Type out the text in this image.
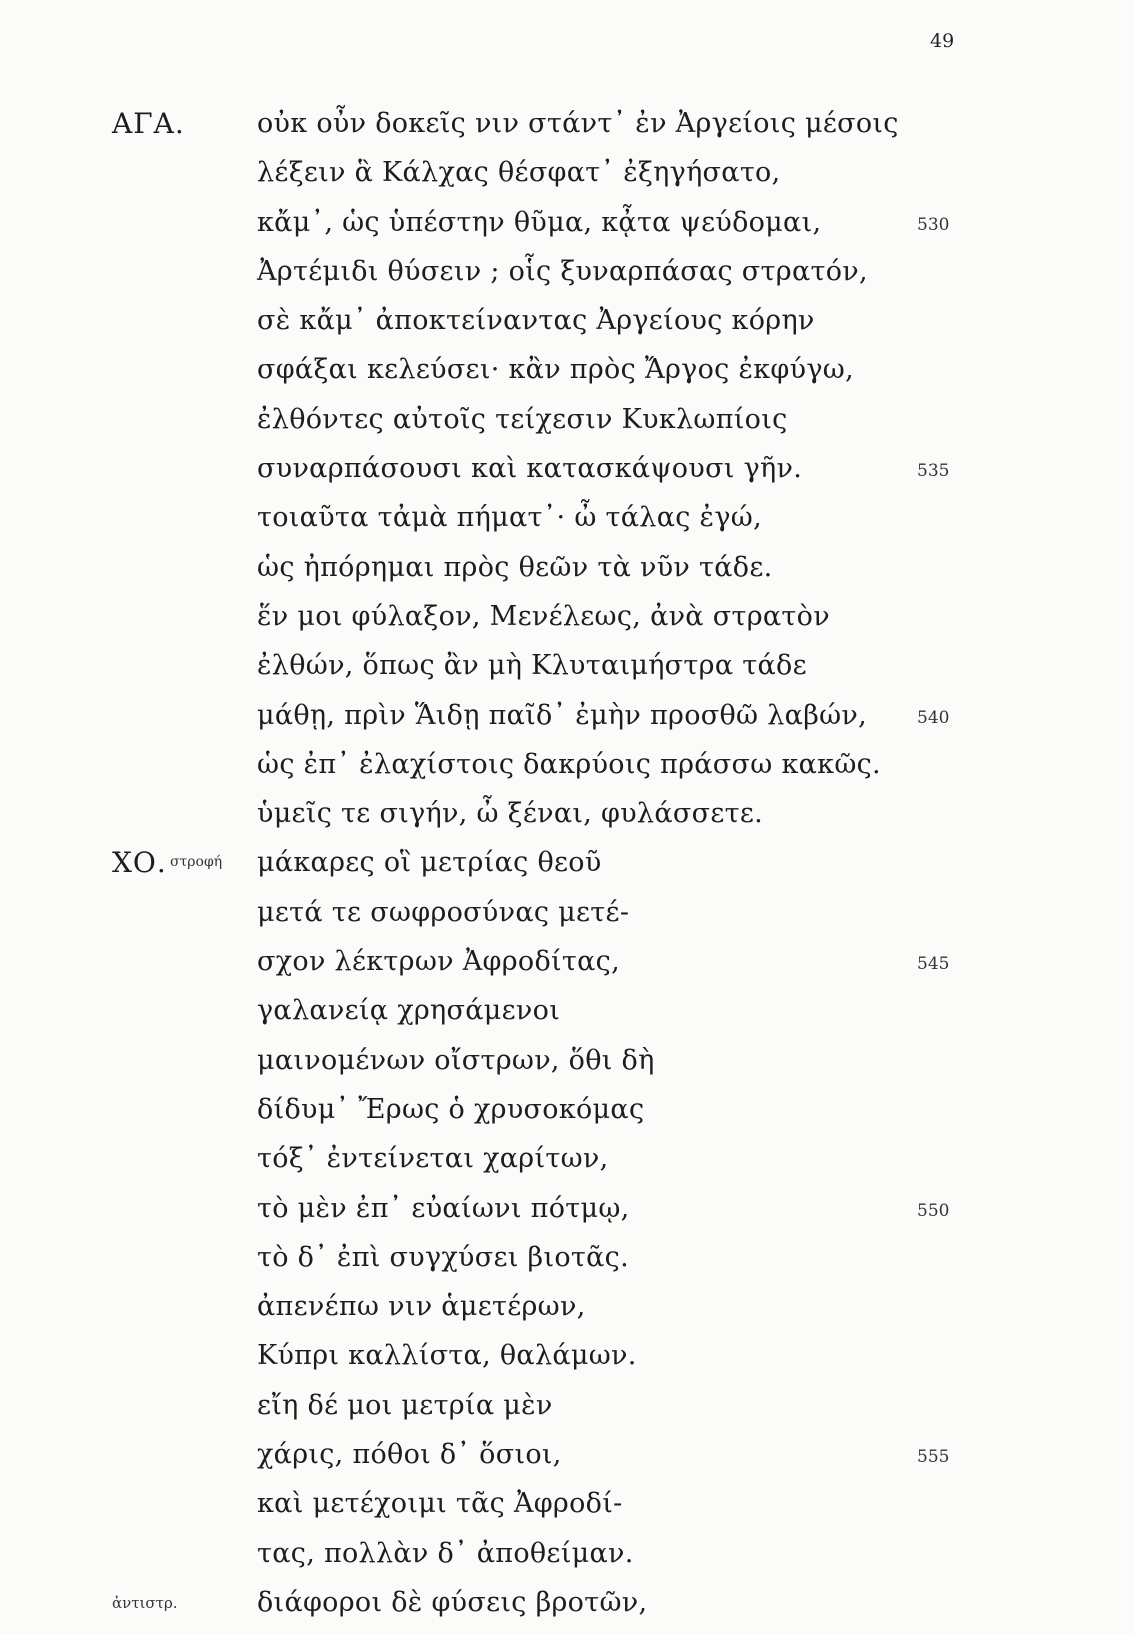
49
ΑΓΑ.	οὐκ οὖν δοκεῖς νιν στάντ᾽ ἐν Ἀργείοις μέσοις
λέξειν ἃ Κάλχας θέσφατ᾽ ἐξηγήσατο,
κἄμ᾽, ὡς ὑπέστην θῦμα, κᾆτα ψεύδομαι,	530
Ἀρτέμιδι θύσειν ; οἷς ξυναρπάσας στρατόν,
σὲ κἄμ᾽ ἀποκτείναντας Ἀργείους κόρην
σφάξαι κελεύσει· κἂν πρὸς Ἄργος ἐκφύγω,
ἐλθόντες αὐτοῖς τείχεσιν Κυκλωπίοις
συναρπάσουσι καὶ κατασκάψουσι γῆν.	535
τοιαῦτα τἀμὰ πήματ᾽· ὦ τάλας ἐγώ,
ὡς ἠπόρημαι πρὸς θεῶν τὰ νῦν τάδε.
ἕν μοι φύλαξον, Μενέλεως, ἀνὰ στρατὸν
ἐλθών, ὅπως ἂν μὴ Κλυταιμήστρα τάδε
μάθῃ, πρὶν Ἅιδῃ παῖδ᾽ ἐμὴν προσθῶ λαβών,	540
ὡς ἐπ᾽ ἐλαχίστοις δακρύοις πράσσω κακῶς.
ὑμεῖς τε σιγήν, ὦ ξέναι, φυλάσσετε.
ΧΟ. στροφή μάκαρες οἳ μετρίας θεοῦ
μετά τε σωφροσύνας μετέ-
σχον λέκτρων Ἀφροδίτας,	545
γαλανείᾳ χρησάμενοι
μαινομένων οἴστρων, ὅθι δὴ
δίδυμ᾽ Ἔρως ὁ χρυσοκόμας
τόξ᾽ ἐντείνεται χαρίτων,
τὸ μὲν ἐπ᾽ εὐαίωνι πότμῳ,	550
τὸ δ᾽ ἐπὶ συγχύσει βιοτᾶς.
ἀπενέπω νιν ἁμετέρων,
Κύπρι καλλίστα, θαλάμων.
εἴη δέ μοι μετρία μὲν
χάρις, πόθοι δ᾽ ὅσιοι,	555
καὶ μετέχοιμι τᾶς Ἀφροδί-
τας, πολλὰν δ᾽ ἀποθείμαν.
ἀντιστρ.	διάφοροι δὲ φύσεις βροτῶν,
